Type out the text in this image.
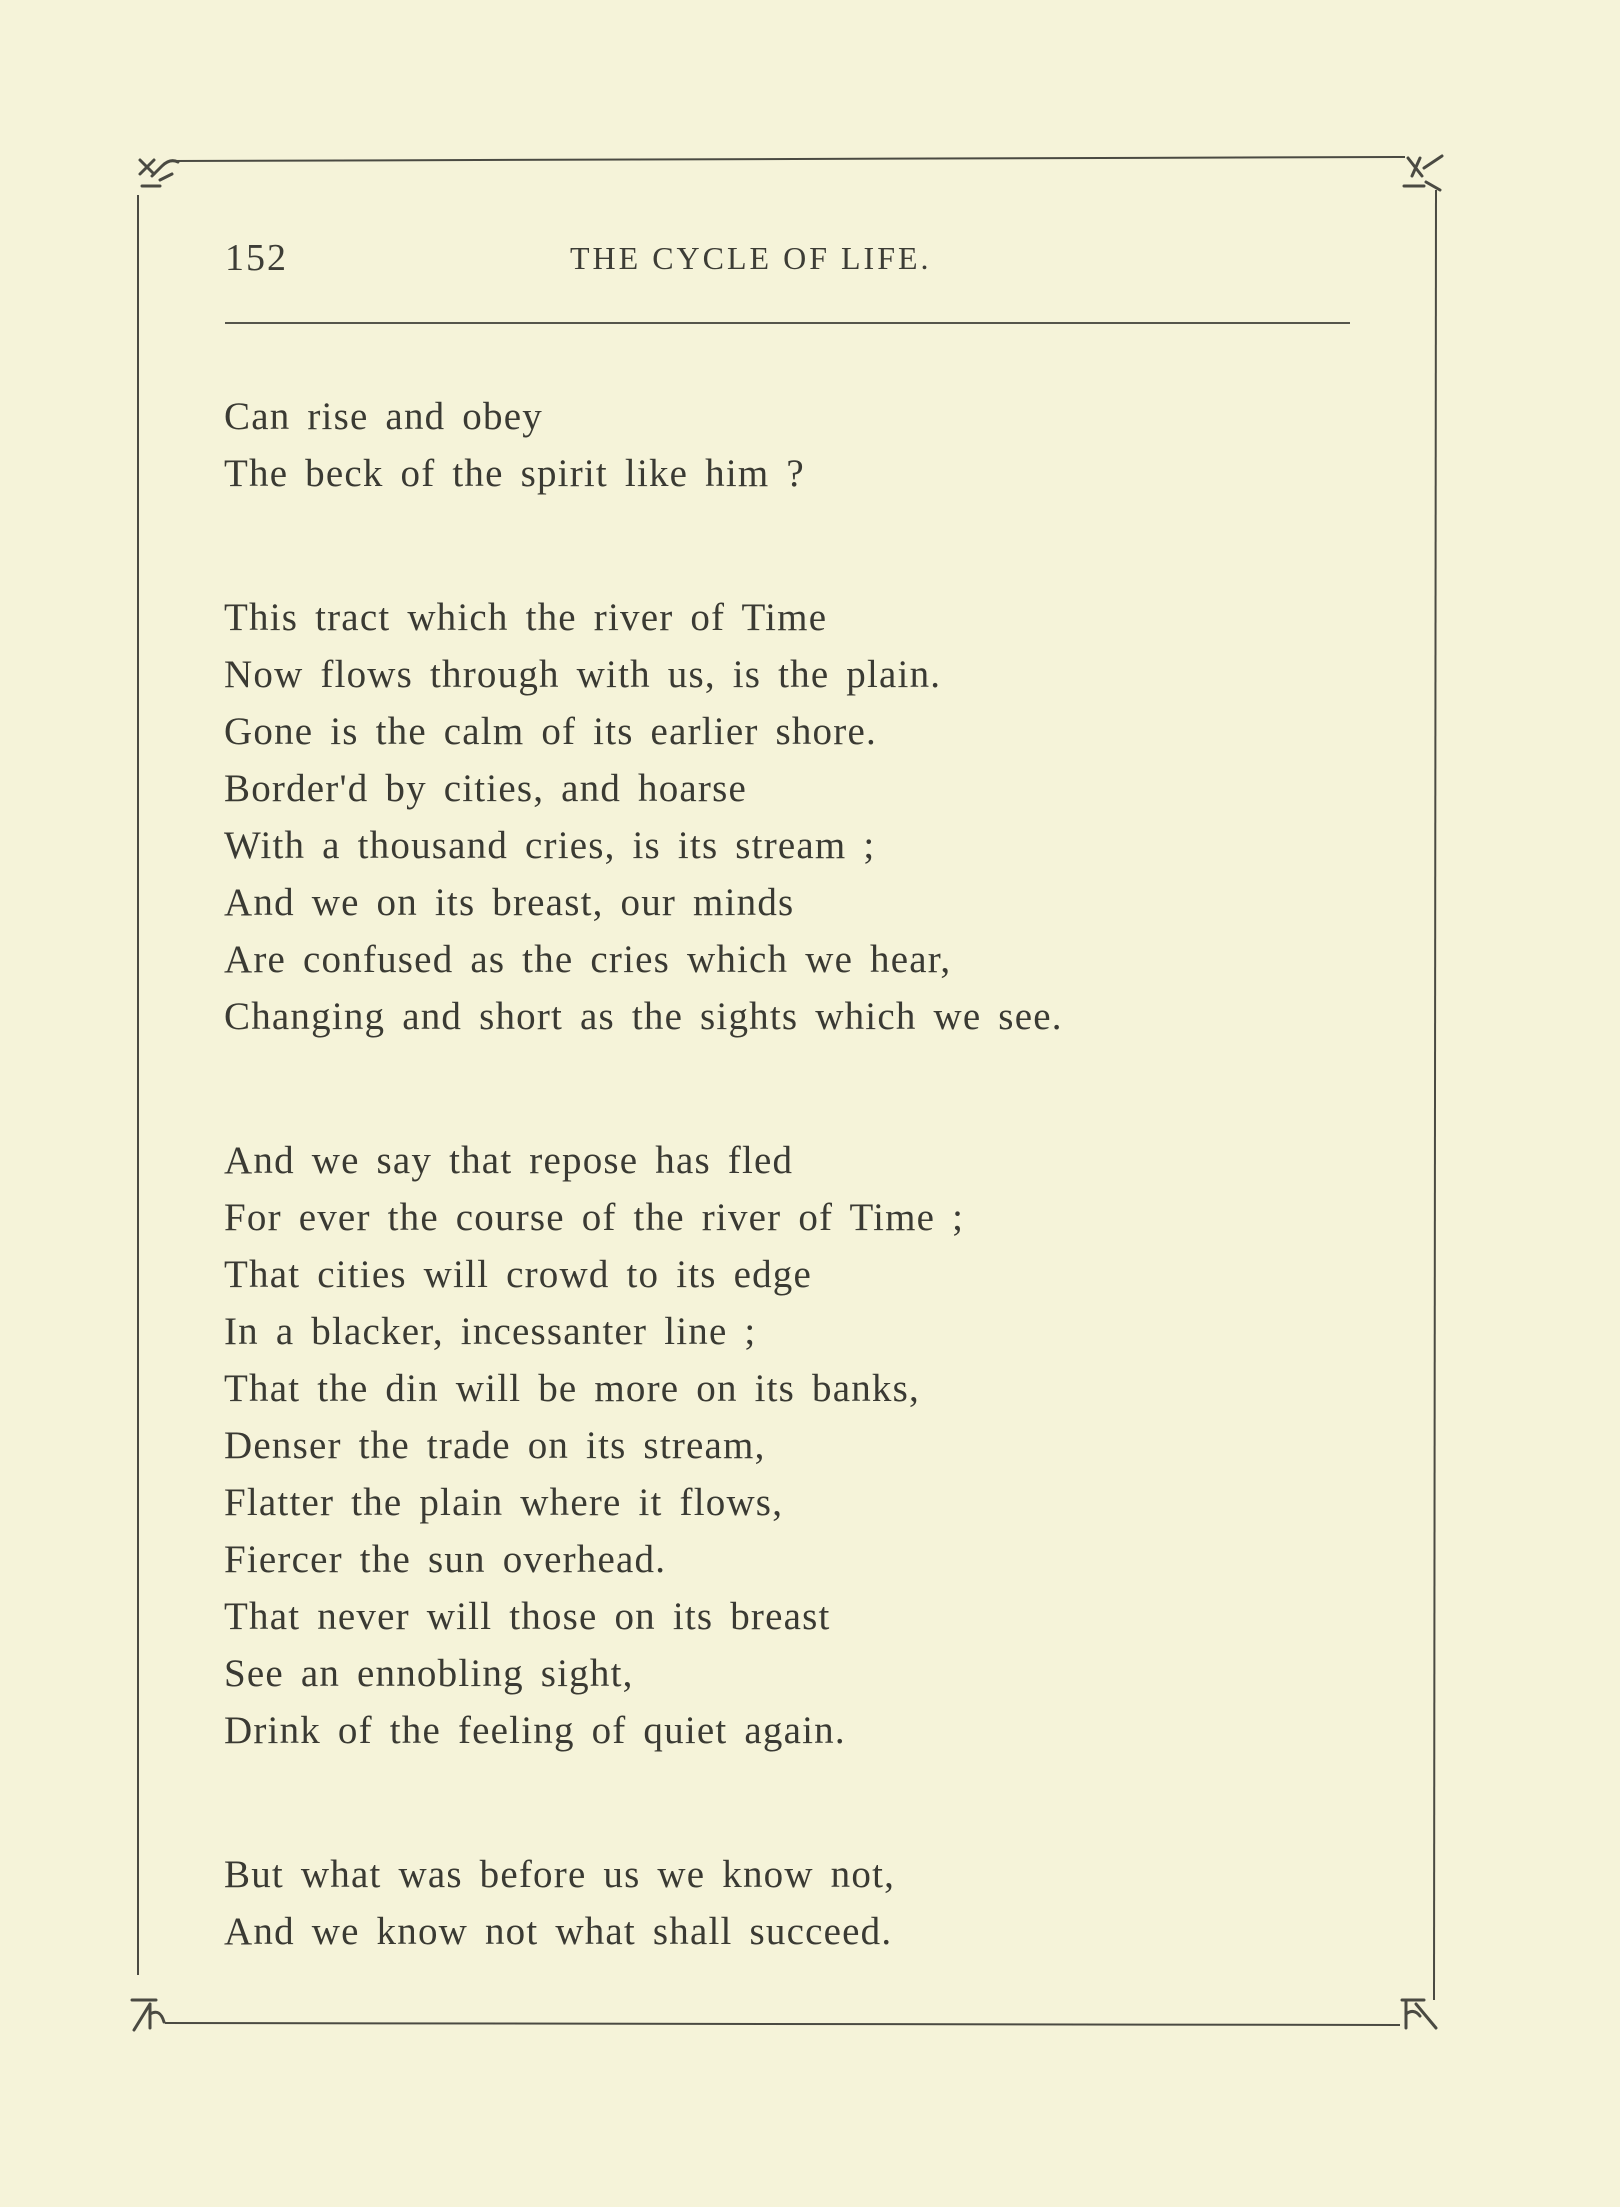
152	THE CYCLE OF LIFE.
Can rise and obey
The beck of the spirit like him ?
This tract which the river of Time
Now flows through with us, is the plain.
Gone is the calm of its earlier shore.
Border'd by cities, and hoarse
With a thousand cries, is its stream ;
And we on its breast, our minds
Are confused as the cries which we hear,
Changing and short as the sights which we see.
And we say that repose has fled
For ever the course of the river of Time ;
That cities will crowd to its edge
In a blacker, incessanter line ;
That the din will be more on its banks,
Denser the trade on its stream,
Flatter the plain where it flows,
Fiercer the sun overhead.
That never will those on its breast
See an ennobling sight,
Drink of the feeling of quiet again.
But what was before us we know not,
And we know not what shall succeed.
